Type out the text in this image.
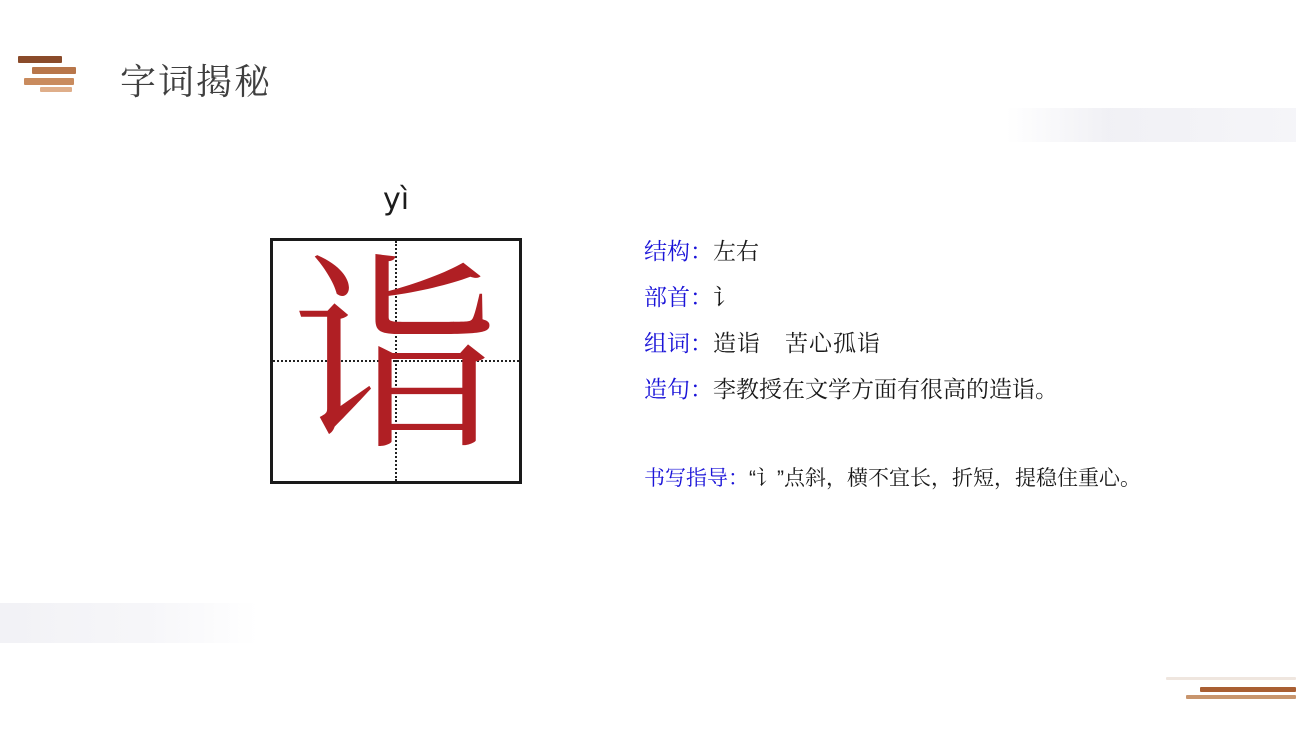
字词揭秘
yì
诣	结构： 左右
部首： 讠
组词： 造诣　苦心孤诣
造句： 李教授在文学方面有很高的造诣。
书写指导：“讠”点斜，横不宜长，折短，提稳住重心。
